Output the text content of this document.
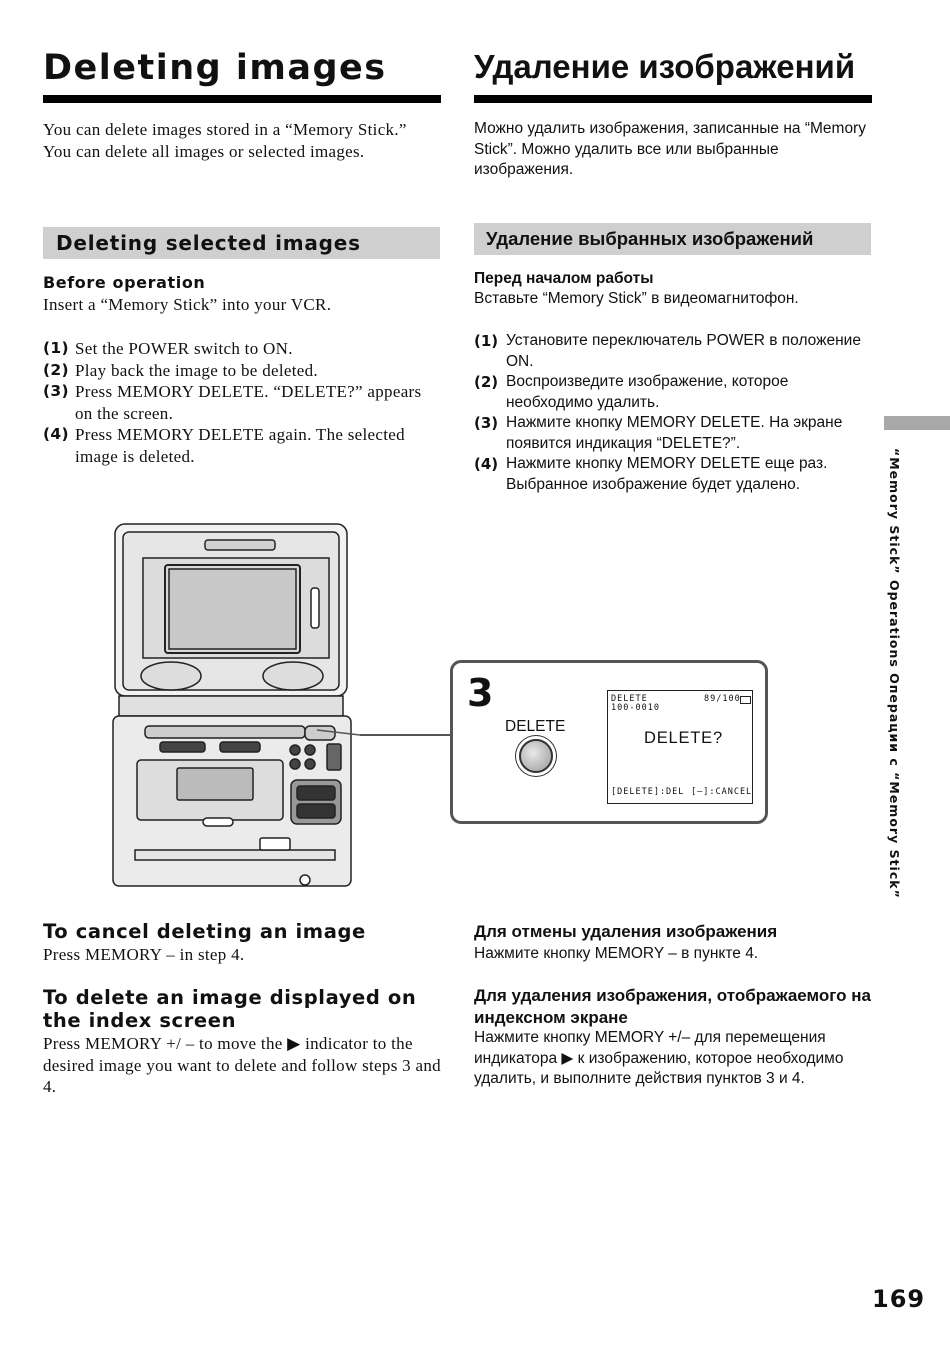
Deleting images	Удаление изображений
You can delete images stored in a “Memory Stick.” You can delete all images or selected images.
Можно удалить изображения, записанные на “Memory Stick”. Можно удалить все или выбранные изображения.
Deleting selected images	Удаление выбранных изображений
Before operation
Insert a “Memory Stick” into your VCR.
Перед началом работы
Вставьте “Memory Stick” в видеомагнитофон.
(1) Set the POWER switch to ON.
(2) Play back the image to be deleted.
(3) Press MEMORY DELETE. “DELETE?” appears on the screen.
(4) Press MEMORY DELETE again. The selected image is deleted.
(1) Установите переключатель POWER в положение ON.
(2) Воспроизведите изображение, которое необходимо удалить.
(3) Нажмите кнопку MEMORY DELETE. На экране появится индикация “DELETE?”.
(4) Нажмите кнопку MEMORY DELETE еще раз. Выбранное изображение будет удалено.	“Memory Stick” Operations Операции с “Memory Stick”
3
DELETE
DELETE
100-0010
89/100
DELETE?
[DELETE]:DEL [–]:CANCEL
To cancel deleting an image
Press MEMORY – in step 4.
To delete an image displayed on the index screen
Press MEMORY +/ – to move the ▶ indicator to the desired image you want to delete and follow steps 3 and 4.
Для отмены удаления изображения
Нажмите кнопку MEMORY – в пункте 4.
Для удаления изображения, отображаемого на индексном экране
Нажмите кнопку MEMORY +/– для перемещения индикатора ▶ к изображению, которое необходимо удалить, и выполните действия пунктов 3 и 4.
169
